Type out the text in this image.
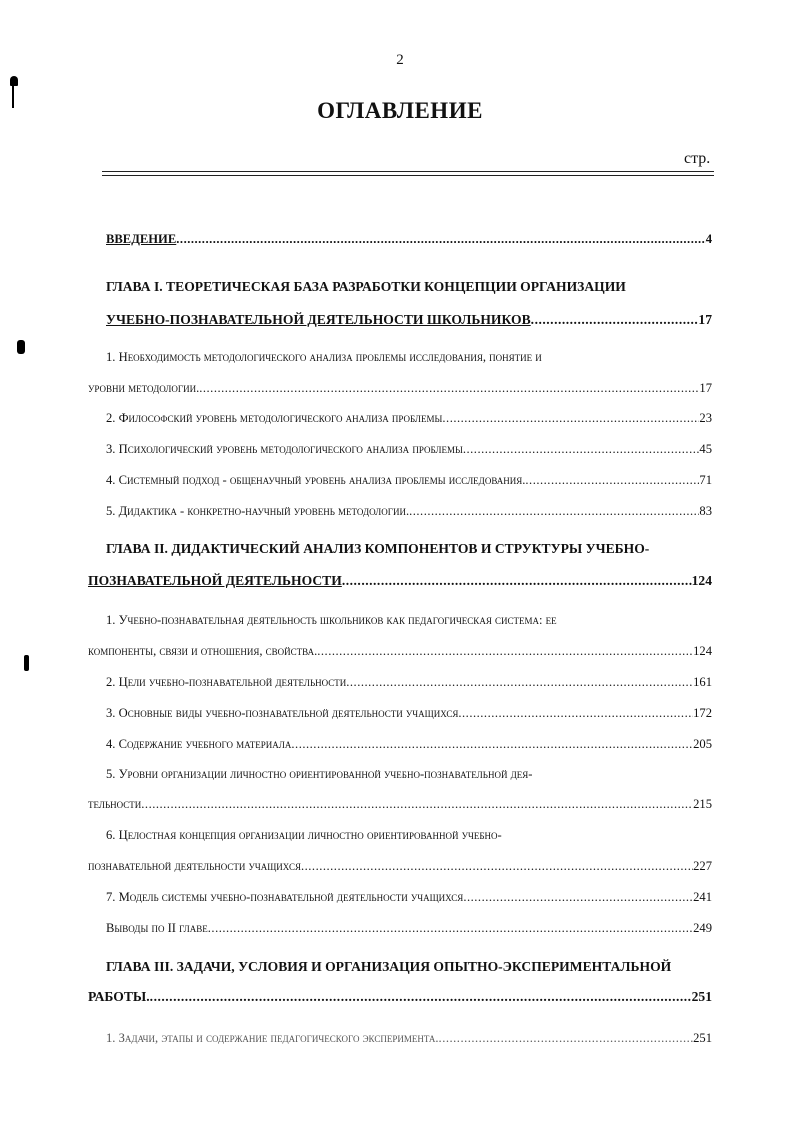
2
ОГЛАВЛЕНИЕ
стр.
ВВЕДЕНИЕ .....	4
ГЛАВА I. ТЕОРЕТИЧЕСКАЯ БАЗА РАЗРАБОТКИ КОНЦЕПЦИИ ОРГАНИЗАЦИИ
УЧЕБНО-ПОЗНАВАТЕЛЬНОЙ ДЕЯТЕЛЬНОСТИ ШКОЛЬНИКОВ .....	17
1. Необходимость методологического анализа проблемы исследования, понятие и
уровни методологии. .....	17
2. Философский уровень методологического анализа проблемы .....	23
3. Психологический уровень методологического анализа проблемы .....	45
4. Системный подход - общенаучный уровень анализа проблемы исследования. .....	71
5. Дидактика - конкретно-научный уровень методологии. .....	83
ГЛАВА II. ДИДАКТИЧЕСКИЙ АНАЛИЗ КОМПОНЕНТОВ И СТРУКТУРЫ УЧЕБНО-
ПОЗНАВАТЕЛЬНОЙ ДЕЯТЕЛЬНОСТИ .....	124
1. Учебно-познавательная деятельность школьников как педагогическая система: ее
компоненты, связи и отношения, свойства. .....	124
2. Цели учебно-познавательной деятельности .....	161
3. Основные виды учебно-познавательной деятельности учащихся .....	172
4. Содержание учебного материала .....	205
5. Уровни организации личностно ориентированной учебно-познавательной дея-
тельности .....	215
6. Целостная концепция организации личностно ориентированной учебно-
познавательной деятельности учащихся .....	227
7. Модель системы учебно-познавательной деятельности учащихся .....	241
Выводы по II главе .....	249
ГЛАВА III. ЗАДАЧИ, УСЛОВИЯ И ОРГАНИЗАЦИЯ ОПЫТНО-ЭКСПЕРИМЕНТАЛЬНОЙ
РАБОТЫ. .....	251
1. Задачи, этапы и содержание педагогического эксперимента. .....	251
